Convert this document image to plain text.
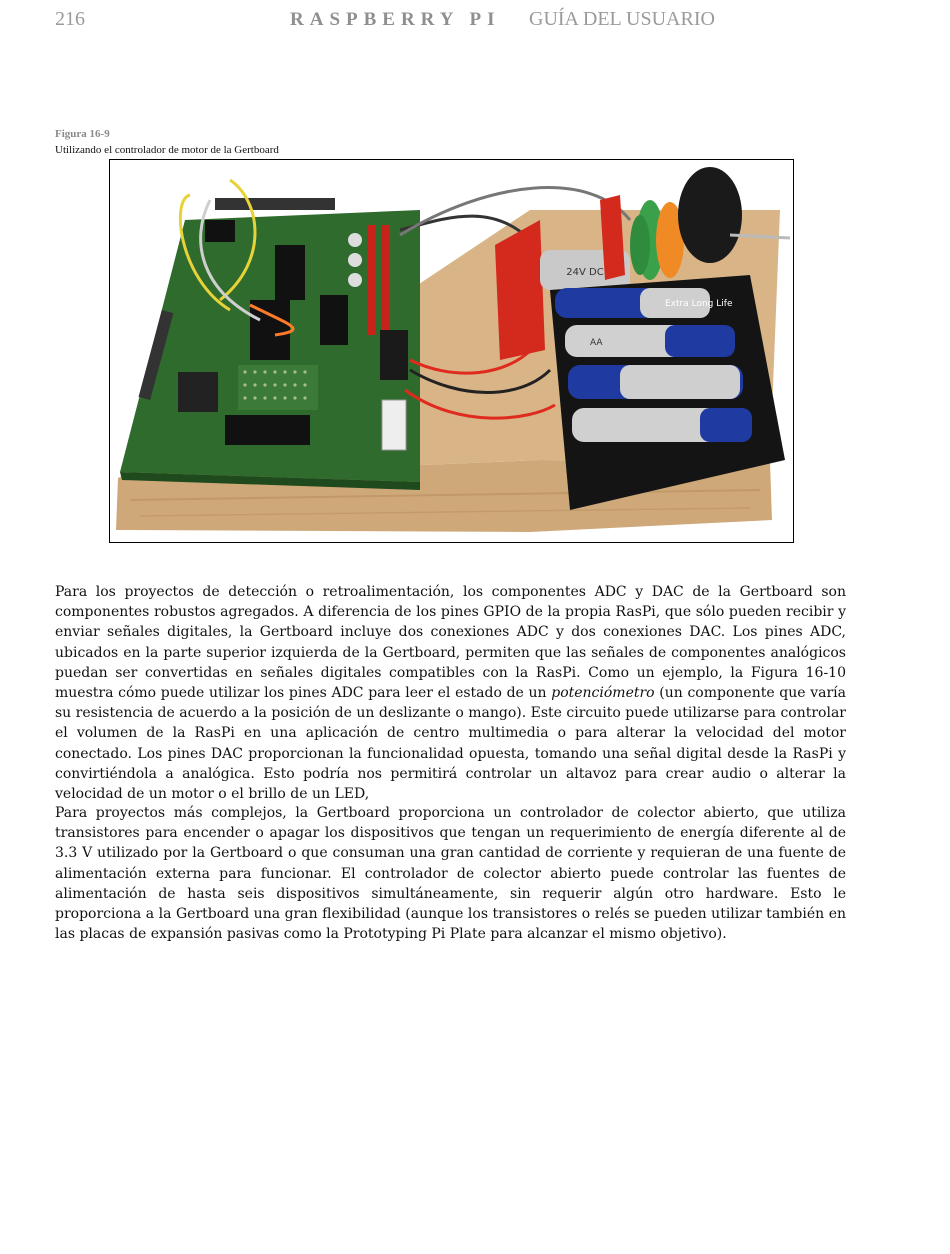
216	RASPBERRY PI GUÍA DEL USUARIO
Figura 16-9
Utilizando el controlador de motor de la Gertboard
24V DC
Extra Long Life
AA

Para los proyectos de detección o retroalimentación, los componentes ADC y DAC de la Gertboard son componentes robustos agregados. A diferencia de los pines GPIO de la propia RasPi, que sólo pueden recibir y enviar señales digitales, la Gertboard incluye dos conexiones ADC y dos conexiones DAC. Los pines ADC, ubicados en la parte superior izquierda de la Gertboard, permiten que las señales de componentes analógicos puedan ser convertidas en señales digitales compatibles con la RasPi. Como un ejemplo, la Figura 16-10 muestra cómo puede utilizar los pines ADC para leer el estado de un potenciómetro (un componente que varía su resistencia de acuerdo a la posición de un deslizante o mango). Este circuito puede utilizarse para controlar el volumen de la RasPi en una aplicación de centro multimedia o para alterar la velocidad del motor conectado. Los pines DAC proporcionan la funcionalidad opuesta, tomando una señal digital desde la RasPi y convirtiéndola a analógica. Esto podría nos permitirá controlar un altavoz para crear audio o alterar la velocidad de un motor o el brillo de un LED,

Para proyectos más complejos, la Gertboard proporciona un controlador de colector abierto, que utiliza transistores para encender o apagar los dispositivos que tengan un requerimiento de energía diferente al de 3.3 V utilizado por la Gertboard o que consuman una gran cantidad de corriente y requieran de una fuente de alimentación externa para funcionar. El controlador de colector abierto puede controlar las fuentes de alimentación de hasta seis dispositivos simultáneamente, sin requerir algún otro hardware. Esto le proporciona a la Gertboard una gran flexibilidad (aunque los transistores o relés se pueden utilizar también en las placas de expansión pasivas como la Prototyping Pi Plate para alcanzar el mismo objetivo).
